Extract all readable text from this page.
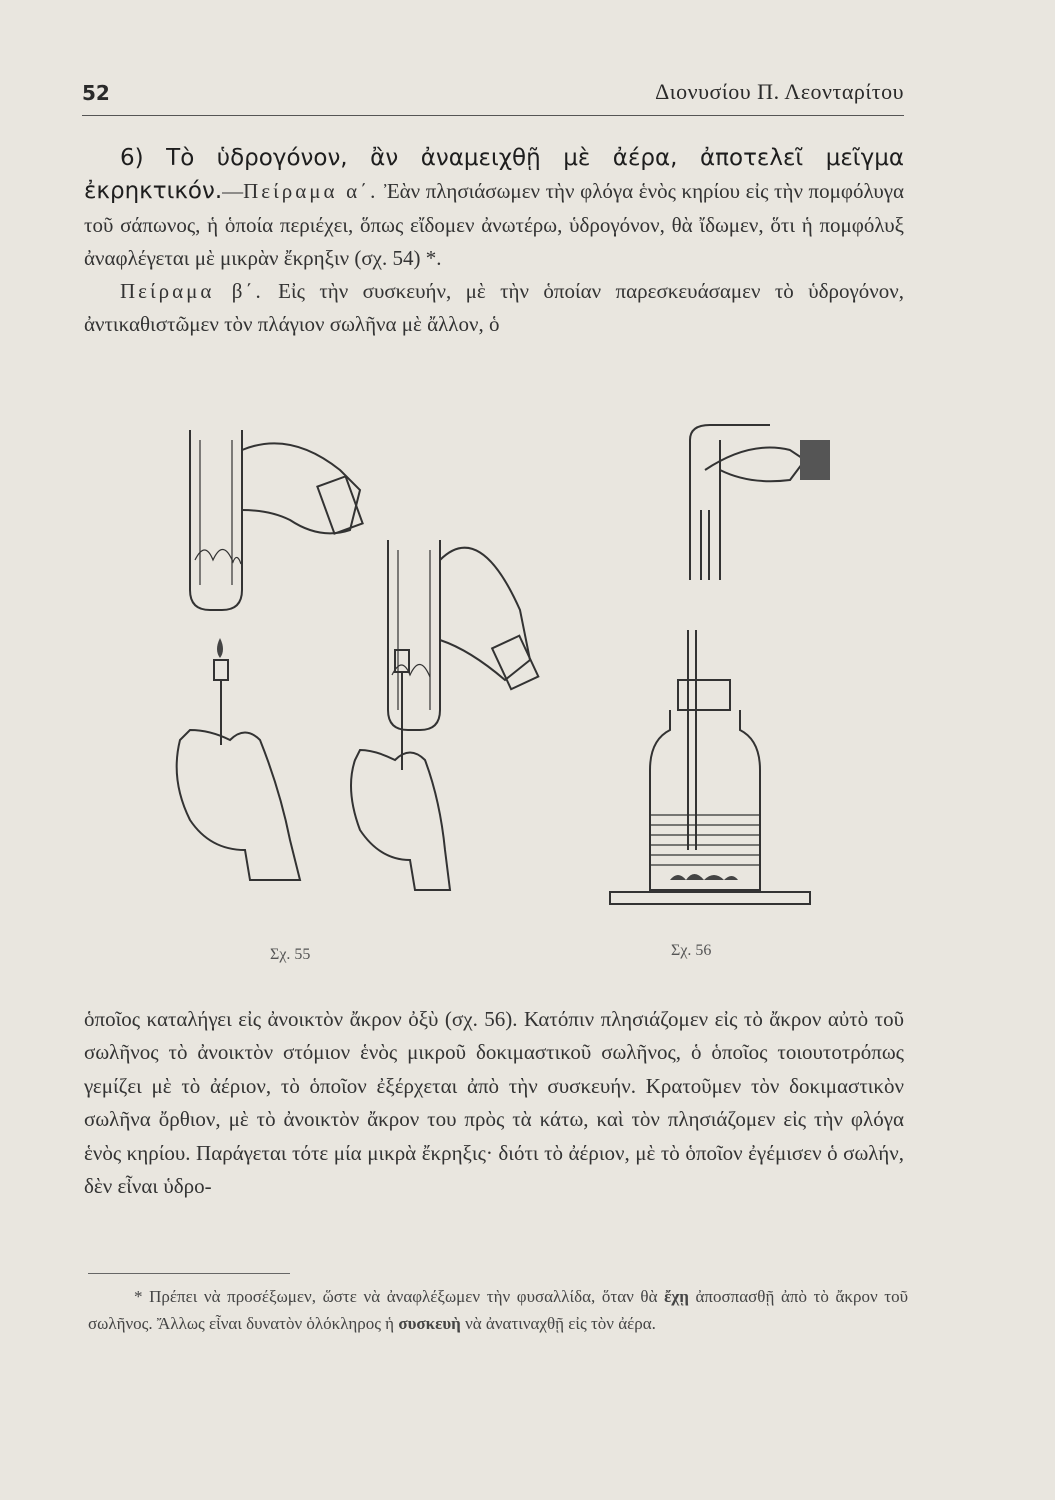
52	Διονυσίου Π. Λεονταρίτου
6) Τὸ ὑδρογόνον, ἂν ἀναμειχθῇ μὲ ἀέρα, ἀποτελεῖ μεῖγμα ἐκρηκτικόν.—Πείραμα α΄. Ἐὰν πλησιάσωμεν τὴν φλόγα ἑνὸς κηρίου εἰς τὴν πομφόλυγα τοῦ σάπωνος, ἡ ὁποία περιέχει, ὅπως εἴδομεν ἀνωτέρω, ὑδρογόνον, θὰ ἴδωμεν, ὅτι ἡ πομφόλυξ ἀναφλέγεται μὲ μικρὰν ἔκρηξιν (σχ. 54) *.
Πείραμα β΄. Εἰς τὴν συσκευήν, μὲ τὴν ὁποίαν παρεσκευάσαμεν τὸ ὑδρογόνον, ἀντικαθιστῶμεν τὸν πλάγιον σωλῆνα μὲ ἄλλον, ὁ
Σχ. 55	Σχ. 56
ὁποῖος καταλήγει εἰς ἀνοικτὸν ἄκρον ὀξὺ (σχ. 56). Κατόπιν πλησιάζομεν εἰς τὸ ἄκρον αὐτὸ τοῦ σωλῆνος τὸ ἀνοικτὸν στόμιον ἑνὸς μικροῦ δοκιμαστικοῦ σωλῆνος, ὁ ὁποῖος τοιουτοτρόπως γεμίζει μὲ τὸ ἀέριον, τὸ ὁποῖον ἐξέρχεται ἀπὸ τὴν συσκευήν. Κρατοῦμεν τὸν δοκιμαστικὸν σωλῆνα ὄρθιον, μὲ τὸ ἀνοικτὸν ἄκρον του πρὸς τὰ κάτω, καὶ τὸν πλησιάζομεν εἰς τὴν φλόγα ἑνὸς κηρίου. Παράγεται τότε μία μικρὰ ἔκρηξις· διότι τὸ ἀέριον, μὲ τὸ ὁποῖον ἐγέμισεν ὁ σωλήν, δὲν εἶναι ὑδρο-
* Πρέπει νὰ προσέξωμεν, ὥστε νὰ ἀναφλέξωμεν τὴν φυσαλλίδα, ὅταν θὰ ἔχῃ ἀποσπασθῇ ἀπὸ τὸ ἄκρον τοῦ σωλῆνος. Ἄλλως εἶναι δυνατὸν ὁλόκληρος ἡ συσκευὴ νὰ ἀνατιναχθῇ εἰς τὸν ἀέρα.
